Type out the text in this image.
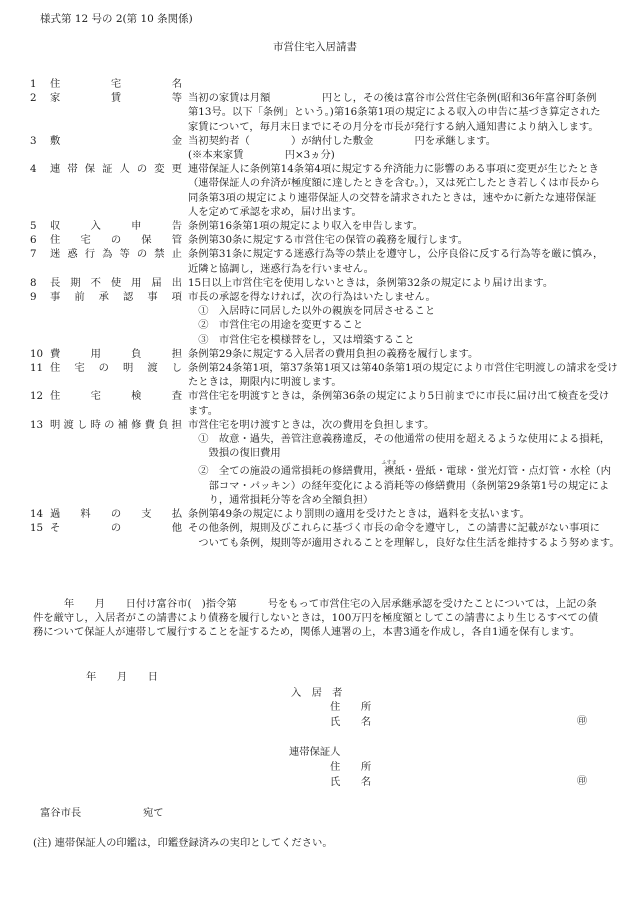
様式第 12 号の 2(第 10 条関係)
市営住宅入居請書
1	住	宅	名
2	家	賃	等 当初の家賃は月額　　　　　円とし，その後は富谷市公営住宅条例(昭和36年富谷町条例
第13号。以下「条例」という。)第16条第1項の規定による収入の申告に基づき算定された
家賃について，毎月末日までにその月分を市長が発行する納入通知書により納入します。
3	敷	金 当初契約者（　　　　）が納付した敷金　　　　円を承継します。
(※本来家賃　　　　円×3ヵ分)
4	連 帯 保 証 人 の 変 更 連帯保証人に条例第14条第4項に規定する弁済能力に影響のある事項に変更が生じたとき
（連帯保証人の弁済が極度額に達したときを含む。），又は死亡したとき若しくは市長から
同条第3項の規定により連帯保証人の交替を請求されたときは，速やかに新たな連帯保証
人を定めて承認を求め，届け出ます。
5	収	入	申	告 条例第16条第1項の規定により収入を申告します。
6	住 宅 の 保 管 条例第30条に規定する市営住宅の保管の義務を履行します。
7	迷 惑 行 為 等 の 禁 止 条例第31条に規定する迷惑行為等の禁止を遵守し，公序良俗に反する行為等を厳に慎み，
近隣と協調し，迷惑行為を行いません。
8	長 期 不 使 用 届 出 15日以上市営住宅を使用しないときは，条例第32条の規定により届け出ます。
9	事 前 承 認 事 項 市長の承認を得なければ，次の行為はいたしません。
　①　入居時に同居した以外の親族を同居させること
　②　市営住宅の用途を変更すること
　③　市営住宅を模様替をし，又は増築すること
10 費	用	負	担 条例第29条に規定する入居者の費用負担の義務を履行します。
11 住 宅 の 明 渡 し 条例第24条第1項，第37条第1項又は第40条第1項の規定により市営住宅明渡しの請求を受け
たときは，期限内に明渡します。
12 住	宅	検	査 市営住宅を明渡すときは，条例第36条の規定により5日前までに市長に届け出て検査を受け
ます。
13 明 渡 し 時 の 補 修 費 負 担 市営住宅を明け渡すときは，次の費用を負担します。
　①　故意・過失，善管注意義務違反，その他通常の使用を超えるような使用による損耗，
　　毀損の復旧費用
　②　全ての施設の通常損耗の修繕費用，襖ふすま紙・畳紙・電球・蛍光灯管・点灯管・水栓（内
　　部コマ・パッキン）の経年変化による消耗等の修繕費用（条例第29条第1号の規定によ
　　り，通常損耗分等を含め全額負担）
14 過 料 の 支 払 条例第49条の規定により罰則の適用を受けたときは，過料を支払います。
15 そ	の	他 その他条例，規則及びこれらに基づく市長の命令を遵守し，この請書に記載がない事項に
　ついても条例，規則等が適用されることを理解し，良好な住生活を維持するよう努めます。
　　　年　　月　　日付け富谷市(　)指令第　　　号をもって市営住宅の入居承継承認を受けたことについては，上記の条件を厳守し，入居者がこの請書により債務を履行しないときは，100万円を極度額としてこの請書により生じるすべての債務について保証人が連帯して履行することを証するため，関係人連署の上，本書3通を作成し，各自1通を保有します。
年　　月　　日
入　居　者
住　　所
氏　　名	㊞
連帯保証人
住　　所
氏　　名	㊞
富谷市長　　　　　　宛て
(注) 連帯保証人の印鑑は，印鑑登録済みの実印としてください。
